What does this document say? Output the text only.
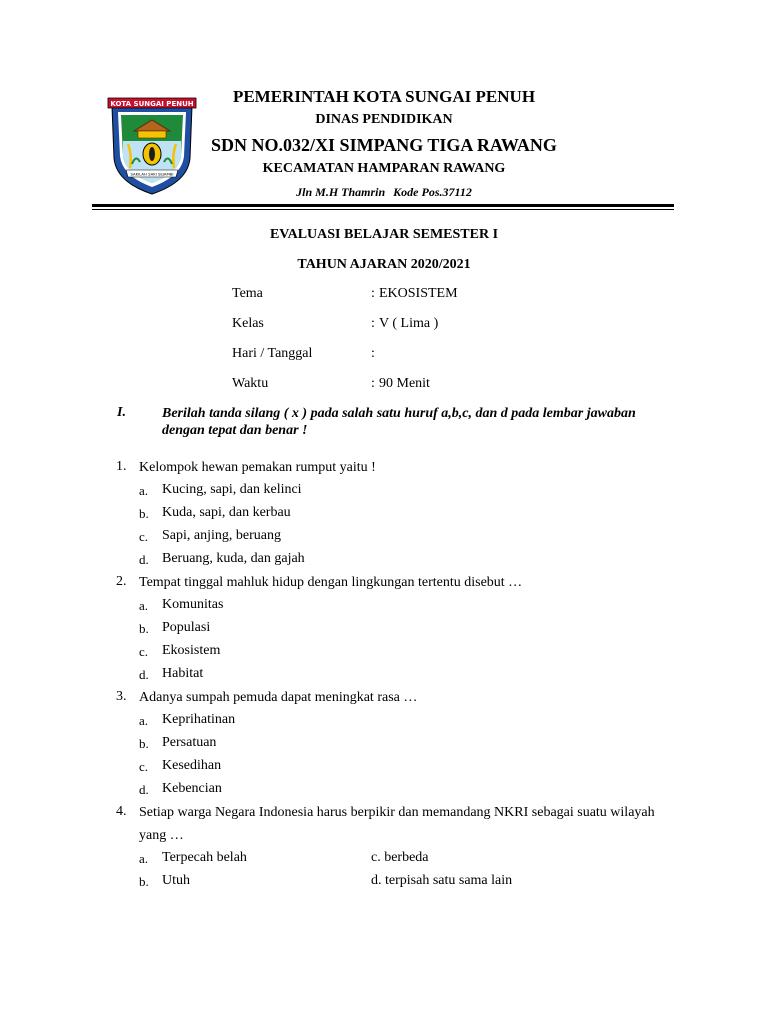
KOTA SUNGAI PENUH
SAKILAH SAKI SEJAMBI
PEMERINTAH KOTA SUNGAI PENUH
DINAS PENDIDIKAN
SDN NO.032/XI SIMPANG TIGA RAWANG
KECAMATAN HAMPARAN RAWANG
Jln M.H Thamrin Kode Pos.37112
EVALUASI BELAJAR SEMESTER I
TAHUN AJARAN 2020/2021
Tema	: EKOSISTEM
Kelas	: V ( Lima )
Hari / Tanggal	:
Waktu	: 90 Menit
I.	Berilah tanda silang ( x ) pada salah satu huruf a,b,c, dan d pada lembar jawaban dengan tepat dan benar !
1. Kelompok hewan pemakan rumput yaitu !
a. Kucing, sapi, dan kelinci
b. Kuda, sapi, dan kerbau
c. Sapi, anjing, beruang
d. Beruang, kuda, dan gajah
2. Tempat tinggal mahluk hidup dengan lingkungan tertentu disebut …
a. Komunitas
b. Populasi
c. Ekosistem
d. Habitat
3. Adanya sumpah pemuda dapat meningkat rasa …
a. Keprihatinan
b. Persatuan
c. Kesedihan
d. Kebencian
4. Setiap warga Negara Indonesia harus berpikir dan memandang NKRI sebagai suatu wilayah yang …
a. Terpecah belah	c. berbeda
b. Utuh	d. terpisah satu sama lain
